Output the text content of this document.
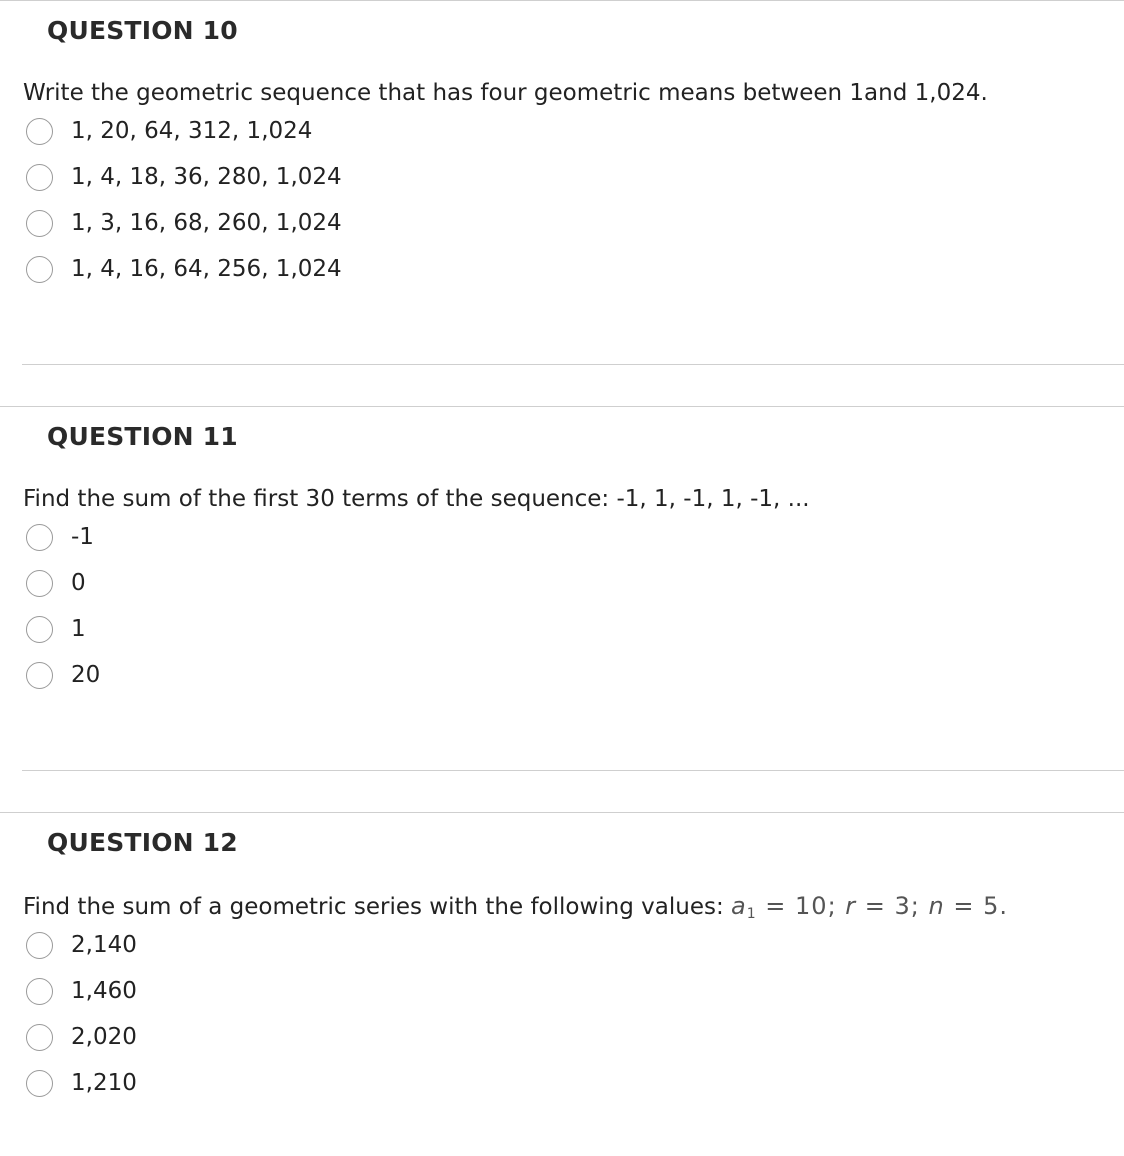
QUESTION 10
Write the geometric sequence that has four geometric means between 1and 1,024.
1, 20, 64, 312, 1,024
1, 4, 18, 36, 280, 1,024
1, 3, 16, 68, 260, 1,024
1, 4, 16, 64, 256, 1,024
QUESTION 11
Find the sum of the first 30 terms of the sequence: -1, 1, -1, 1, -1, ...
-1
0
1
20
QUESTION 12
Find the sum of a geometric series with the following values: $a_1 = 10$; r = 3; n = 5.
2,140
1,460
2,020
1,210
